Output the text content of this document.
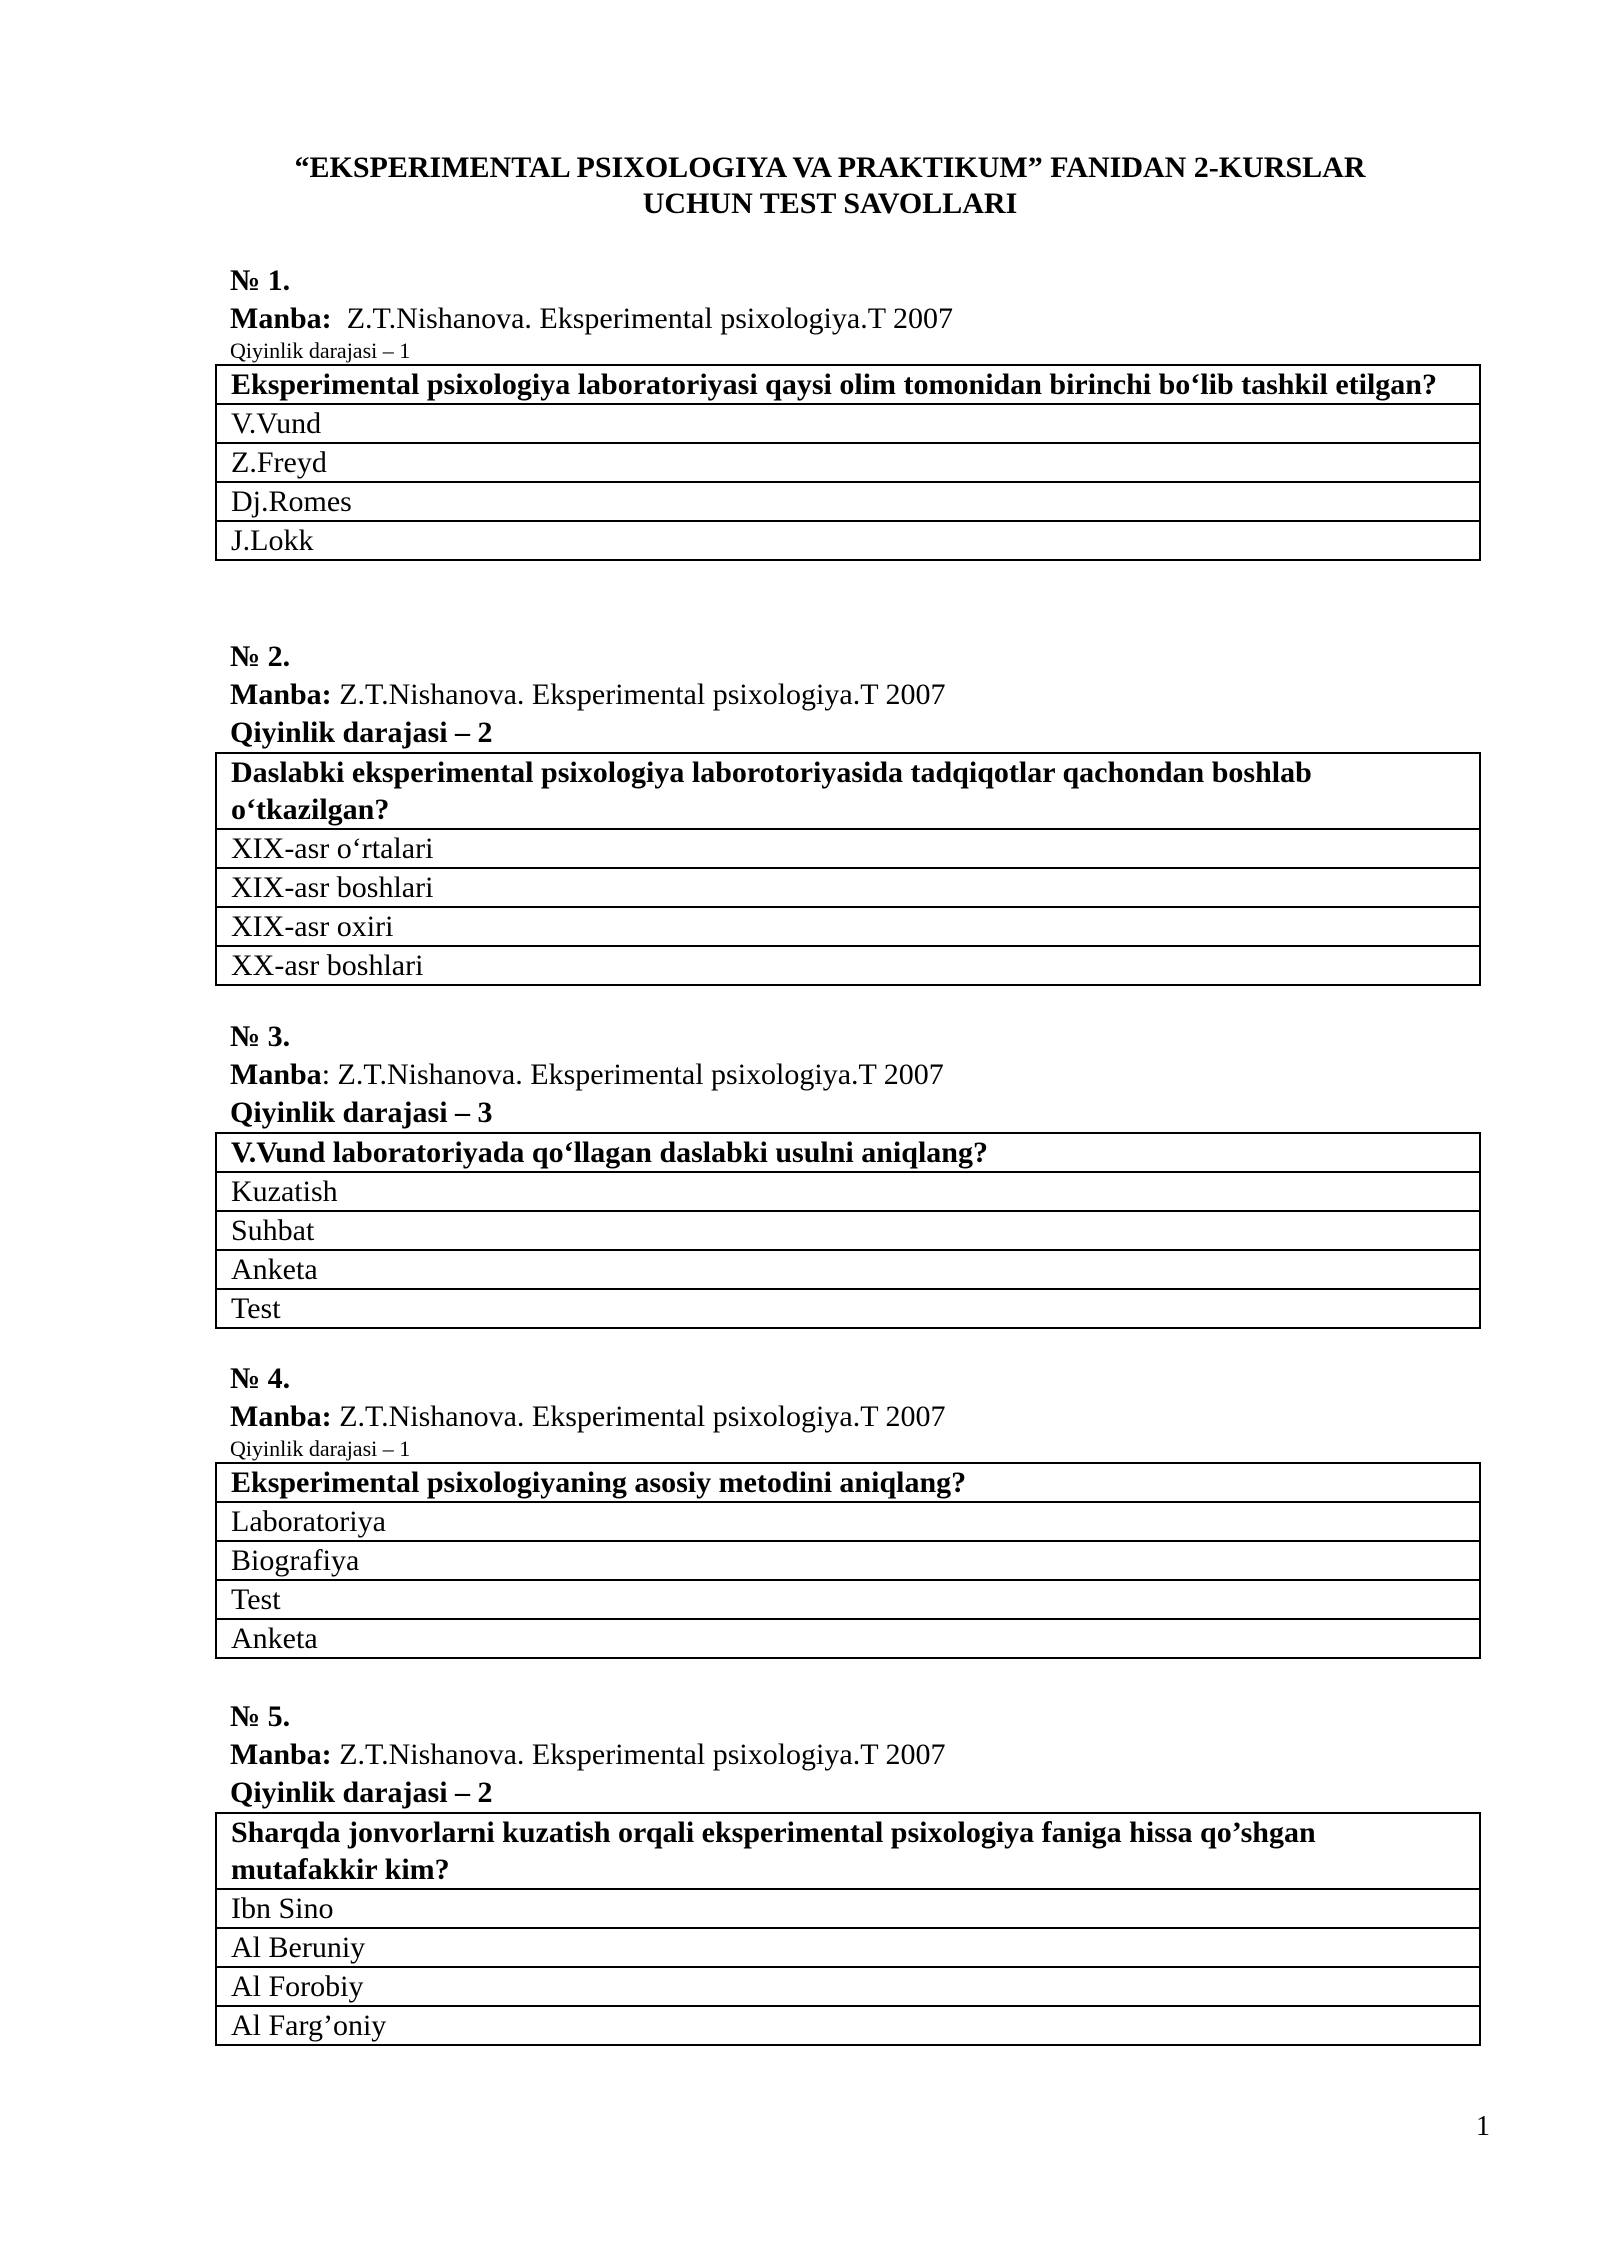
“EKSPERIMENTAL PSIXOLOGIYA VA PRAKTIKUM” FANIDAN 2-KURSLAR
UCHUN TEST SAVOLLARI
№ 1.
Manba:  Z.T.Nishanova. Eksperimental psixologiya.T 2007
Qiyinlik darajasi – 1
Eksperimental psixologiya laboratoriyasi qaysi olim tomonidan birinchi bo‘lib tashkil etilgan?
V.Vund
Z.Freyd
Dj.Romes
J.Lokk
№ 2.
Manba: Z.T.Nishanova. Eksperimental psixologiya.T 2007
Qiyinlik darajasi – 2
Daslabki eksperimental psixologiya laborotoriyasida tadqiqotlar qachondan boshlab o‘tkazilgan?
XIX-asr o‘rtalari
XIX-asr boshlari
XIX-asr oxiri
XX-asr boshlari
№ 3.
Manba: Z.T.Nishanova. Eksperimental psixologiya.T 2007
Qiyinlik darajasi – 3
V.Vund laboratoriyada qo‘llagan daslabki usulni aniqlang?
Kuzatish
Suhbat
Anketa
Test
№ 4.
Manba: Z.T.Nishanova. Eksperimental psixologiya.T 2007
Qiyinlik darajasi – 1
Eksperimental psixologiyaning asosiy metodini aniqlang?
Laboratoriya
Biografiya
Test
Anketa
№ 5.
Manba: Z.T.Nishanova. Eksperimental psixologiya.T 2007
Qiyinlik darajasi – 2
Sharqda jonvorlarni kuzatish orqali eksperimental psixologiya faniga hissa qo’shgan mutafakkir kim?
Ibn Sino
Al Beruniy
Al Forobiy
Al Farg’oniy
1
